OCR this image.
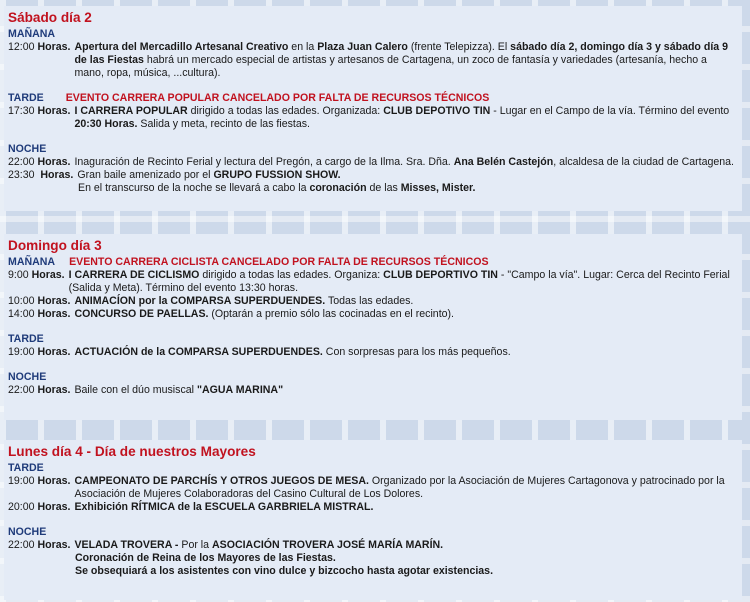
Sábado día 2
MAÑANA
12:00 Horas. Apertura del Mercadillo Artesanal Creativo en la Plaza Juan Calero (frente Telepizza). El sábado día 2, domingo día 3 y sábado día 9 de las Fiestas habrá un mercado especial de artistas y artesanos de Cartagena, un zoco de fantasía y variedades (artesanía, hecho a mano, ropa, música, ...cultura).
TARDE EVENTO CARRERA POPULAR CANCELADO POR FALTA DE RECURSOS TÉCNICOS
17:30 Horas. I CARRERA POPULAR dirigido a todas las edades. Organizada: CLUB DEPOTIVO TIN - Lugar en el Campo de la vía. Término del evento
20:30 Horas. Salida y meta, recinto de las fiestas.
NOCHE
22:00 Horas. Inaguración de Recinto Ferial y lectura del Pregón, a cargo de la Ilma. Sra. Dña. Ana Belén Castejón, alcaldesa de la ciudad de Cartagena.
23:30 Horas. Gran baile amenizado por el GRUPO FUSSION SHOW.
En el transcurso de la noche se llevará a cabo la coronación de las Misses, Mister.
Domingo día 3
MAÑANA EVENTO CARRERA CICLISTA CANCELADO POR FALTA DE RECURSOS TÉCNICOS
9:00 Horas. I CARRERA DE CICLISMO dirigido a todas las edades. Organiza: CLUB DEPORTIVO TIN - "Campo la vía". Lugar: Cerca del Recinto Ferial (Salida y Meta). Término del evento 13:30 horas.
10:00 Horas. ANIMACÍON por la COMPARSA SUPERDUENDES. Todas las edades.
14:00 Horas. CONCURSO DE PAELLAS. (Optarán a premio sólo las cocinadas en el recinto).
TARDE
19:00 Horas. ACTUACIÓN de la COMPARSA SUPERDUENDES. Con sorpresas para los más pequeños.
NOCHE
22:00 Horas. Baile con el dúo musiscal "AGUA MARINA"
Lunes día 4 - Día de nuestros Mayores
TARDE
19:00 Horas. CAMPEONATO DE PARCHÍS Y OTROS JUEGOS DE MESA. Organizado por la Asociación de Mujeres Cartagonova y patrocinado por la Asociación de Mujeres Colaboradoras del Casino Cultural de Los Dolores.
20:00 Horas. Exhibición RÍTMICA de la ESCUELA GARBRIELA MISTRAL.
NOCHE
22:00 Horas. VELADA TROVERA - Por la ASOCIACIÓN TROVERA JOSÉ MARÍA MARÍN.
Coronación de Reina de los Mayores de las Fiestas.
Se obsequiará a los asistentes con vino dulce y bizcocho hasta agotar existencias.
